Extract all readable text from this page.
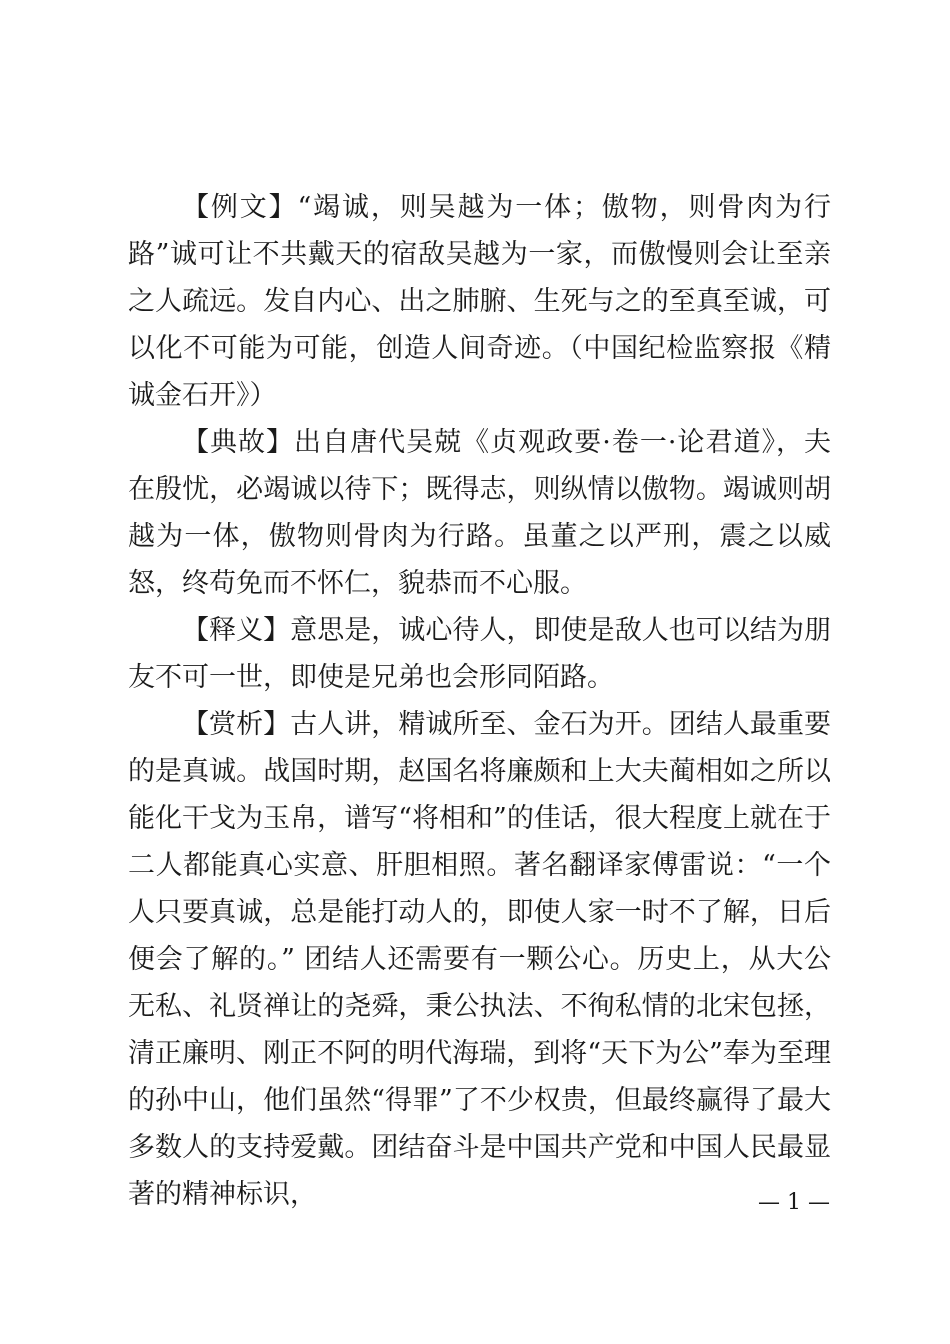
【例文】“竭诚，则吴越为一体；傲物，则骨肉为行路”诚可让不共戴天的宿敌吴越为一家，而傲慢则会让至亲之人疏远。发自内心、出之肺腑、生死与之的至真至诚，可以化不可能为可能，创造人间奇迹。（中国纪检监察报《精诚金石开》）

【典故】出自唐代吴兢《贞观政要·卷一·论君道》，夫在殷忧，必竭诚以待下；既得志，则纵情以傲物。竭诚则胡越为一体，傲物则骨肉为行路。虽董之以严刑，震之以威怒，终苟免而不怀仁，貌恭而不心服。

【释义】意思是，诚心待人，即使是敌人也可以结为朋友不可一世，即使是兄弟也会形同陌路。

【赏析】古人讲，精诚所至、金石为开。团结人最重要的是真诚。战国时期，赵国名将廉颇和上大夫蔺相如之所以能化干戈为玉帛，谱写“将相和”的佳话，很大程度上就在于二人都能真心实意、肝胆相照。著名翻译家傅雷说：“一个人只要真诚，总是能打动人的，即使人家一时不了解，日后便会了解的。” 团结人还需要有一颗公心。历史上，从大公无私、礼贤禅让的尧舜，秉公执法、不徇私情的北宋包拯，清正廉明、刚正不阿的明代海瑞，到将“天下为公”奉为至理的孙中山，他们虽然“得罪”了不少权贵，但最终赢得了最大多数人的支持爱戴。团结奋斗是中国共产党和中国人民最显著的精神标识，	— 1 —
